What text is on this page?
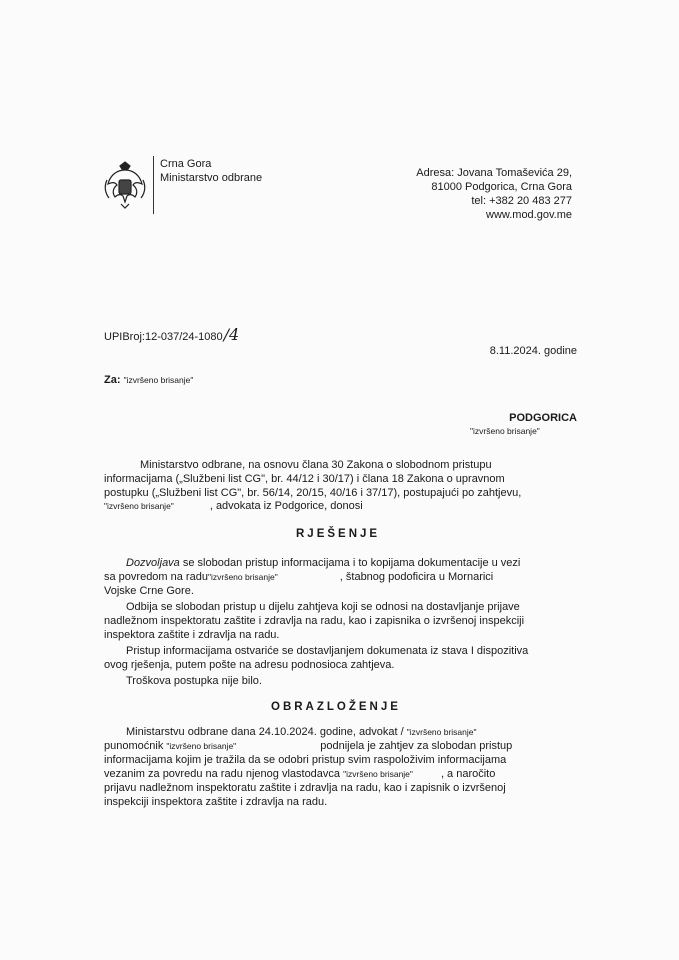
Crna Gora
Ministarstvo odbrane	Adresa: Jovana Tomaševića 29,
81000 Podgorica, Crna Gora
tel: +382 20 483 277
www.mod.gov.me
UPIBroj:12-037/24-1080/4
8.11.2024. godine
Za: "izvršeno brisanje"
PODGORICA
"izvršeno brisanje"
Ministarstvo odbrane, na osnovu člana 30 Zakona o slobodnom pristupu
informacijama („Službeni list CG", br. 44/12 i 30/17) i člana 18 Zakona o upravnom
postupku („Službeni list CG", br. 56/14, 20/15, 40/16 i 37/17), postupajući po zahtjevu,
"izvršeno brisanje"	, advokata iz Podgorice, donosi
RJEŠENJE
Dozvoljava se slobodan pristup informacijama i to kopijama dokumentacije u vezi
sa povredom na radu"izvršeno brisanje"	, štabnog podoficira u Mornarici
Vojske Crne Gore.
Odbija se slobodan pristup u dijelu zahtjeva koji se odnosi na dostavljanje prijave
nadležnom inspektoratu zaštite i zdravlja na radu, kao i zapisnika o izvršenoj inspekciji
inspektora zaštite i zdravlja na radu.
Pristup informacijama ostvariće se dostavljanjem dokumenata iz stava I dispozitiva
ovog rješenja, putem pošte na adresu podnosioca zahtjeva.
Troškova postupka nije bilo.
OBRAZLOŽENJE
Ministarstvu odbrane dana 24.10.2024. godine, advokat / "izvršeno brisanje"
punomoćnik "izvršeno brisanje"	podnijela je zahtjev za slobodan pristup
informacijama kojim je tražila da se odobri pristup svim raspoloživim informacijama
vezanim za povredu na radu njenog vlastodavca "izvršeno brisanje"	, a naročito
prijavu nadležnom inspektoratu zaštite i zdravlja na radu, kao i zapisnik o izvršenoj
inspekciji inspektora zaštite i zdravlja na radu.
